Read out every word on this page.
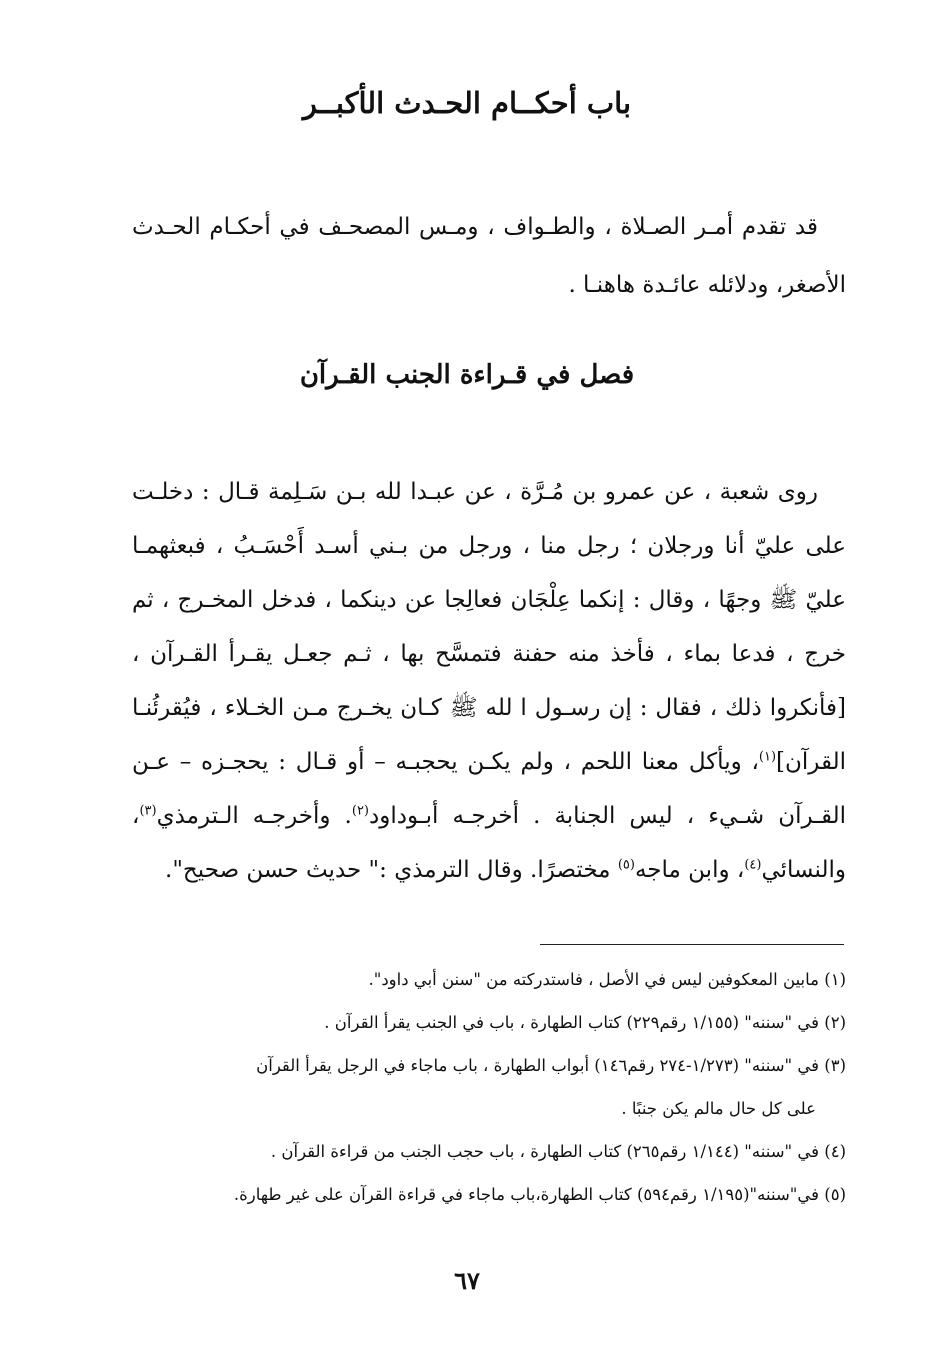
باب أحكــام الحـدث الأكبــر

قد تقدم أمـر الصـلاة ، والطـواف ، ومـس المصحـف في أحكـام الحـدث الأصغر، ودلائله عائـدة هاهنـا .

فصل في قـراءة الجنب القـرآن

روى شعبة ، عن عمرو بن مُـرَّة ، عن عبـدا لله بـن سَـلِمة قـال : دخلـت على عليّ أنا ورجلان ؛ رجل منا ، ورجل من بـني أسـد أَحْسَـبُ ، فبعثهمـا عليّ ﷺ وجهًا ، وقال : إنكما عِلْجَان فعالِجا عن دينكما ، فدخل المخـرج ، ثم خرج ، فدعا بماء ، فأخذ منه حفنة فتمسَّح بها ، ثـم جعـل يقـرأ القـرآن ، [فأنكروا ذلك ، فقال : إن رسـول ا لله ﷺ كـان يخـرج مـن الخـلاء ، فيُقرئُنـا القرآن]$^{(١)}$، ويأكل معنا اللحم ، ولم يكـن يحجبـه – أو قـال : يحجـزه – عـن القـرآن شـيء ، ليس الجنابة . أخرجـه أبـوداود$^{(٢)}$. وأخرجـه الـترمذي$^{(٣)}$، والنسائي$^{(٤)}$، وابن ماجه$^{(٥)}$ مختصرًا. وقال الترمذي :" حديث حسن صحيح".

(١) مابين المعكوفين ليس في الأصل ، فاستدركته من "سنن أبي داود".
(٢) في "سننه" (١/١٥٥ رقم٢٢٩) كتاب الطهارة ، باب في الجنب يقرأ القرآن .
(٣) في "سننه" (١/٢٧٣-٢٧٤ رقم١٤٦) أبواب الطهارة ، باب ماجاء في الرجل يقرأ القرآن
على كل حال مالم يكن جنبًا .
(٤) في "سننه" (١/١٤٤ رقم٢٦٥) كتاب الطهارة ، باب حجب الجنب من قراءة القرآن .
(٥) في"سننه"(١/١٩٥ رقم٥٩٤) كتاب الطهارة،باب ماجاء في قراءة القرآن على غير طهارة.
٦٧
